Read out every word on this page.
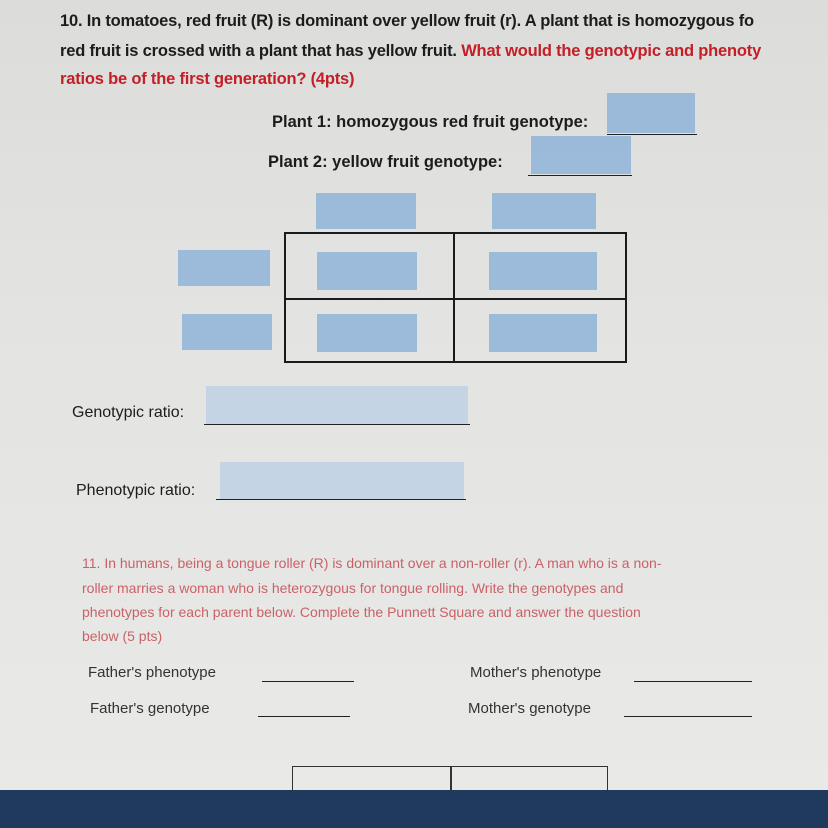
10. In tomatoes, red fruit (R) is dominant over yellow fruit (r). A plant that is homozygous fo
red fruit is crossed with a plant that has yellow fruit. What would the genotypic and phenoty
ratios be of the first generation? (4pts)
Plant 1: homozygous red fruit genotype:
Plant 2: yellow fruit genotype:
Genotypic ratio:
Phenotypic ratio:
11. In humans, being a tongue roller (R) is dominant over a non-roller (r). A man who is a non-
roller marries a woman who is heterozygous for tongue rolling. Write the genotypes and
phenotypes for each parent below. Complete the Punnett Square and answer the question
below (5 pts)
Father's phenotype	Mother's phenotype
Father's genotype	Mother's genotype
